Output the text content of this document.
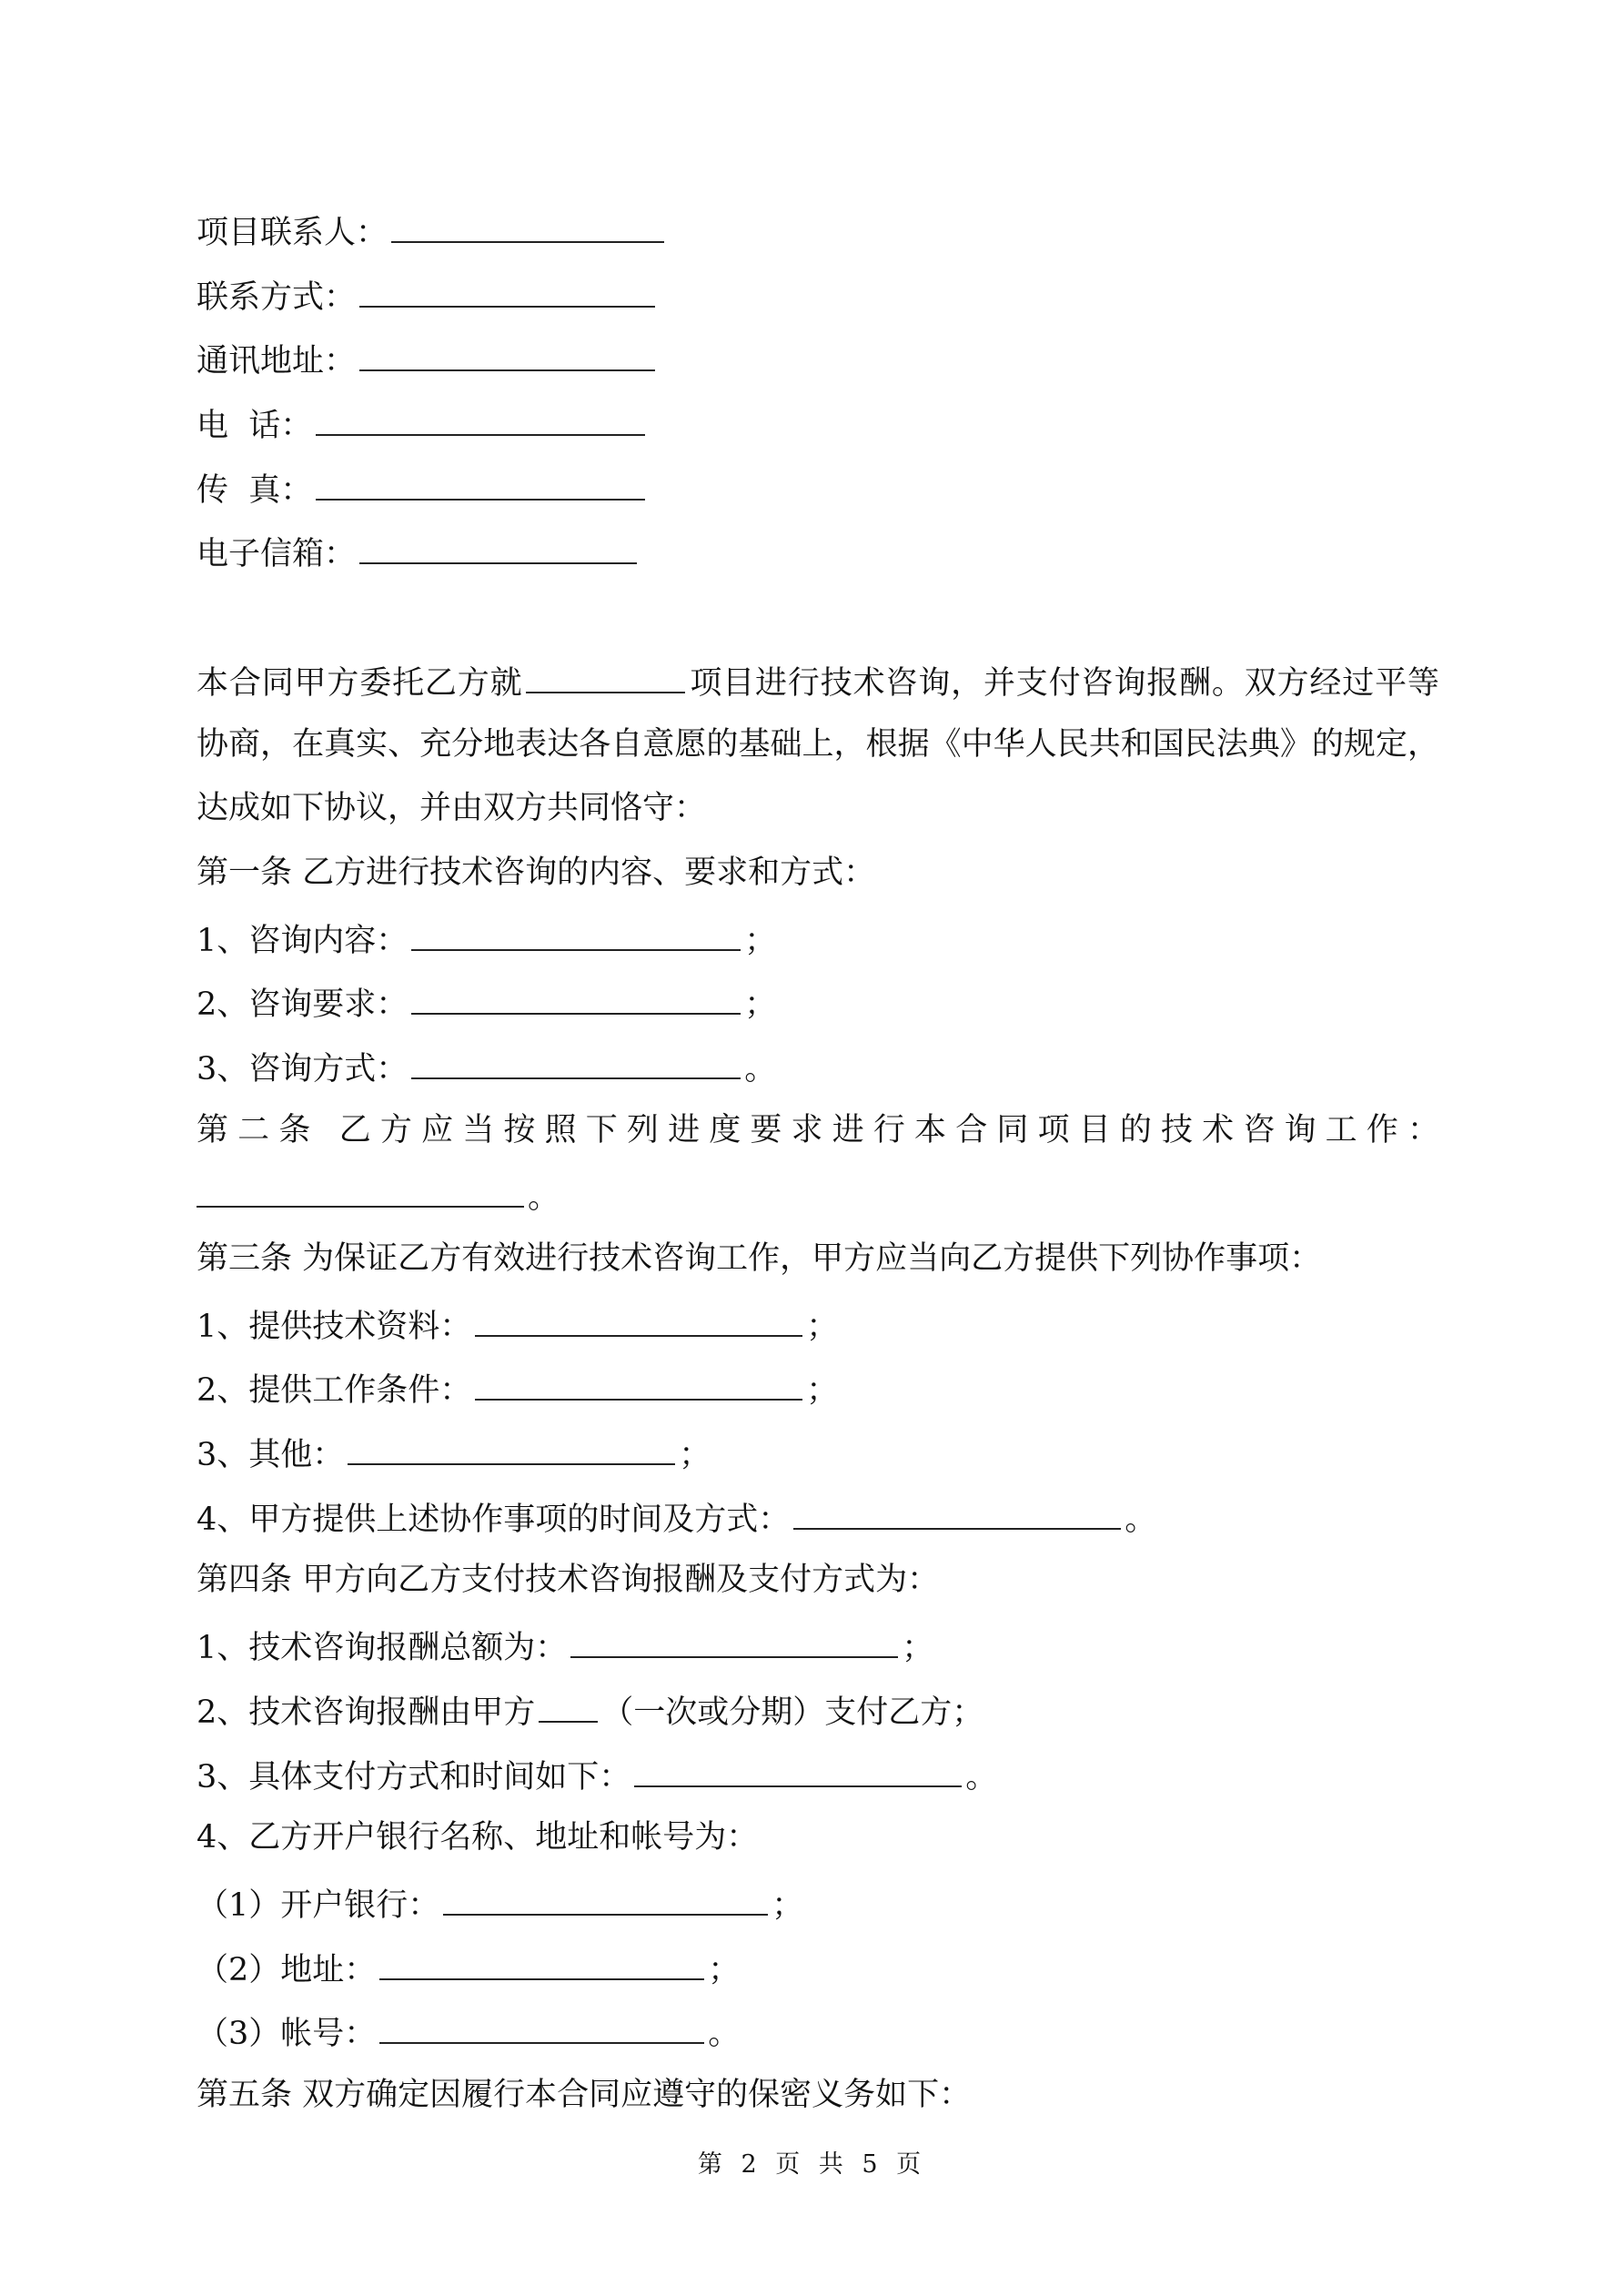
项目联系人：
联系方式：
通讯地址：
电  话：
传  真：
电子信箱：
本合同甲方委托乙方就	项目进行技术咨询，并支付咨询报酬。双方经过平等
协商，在真实、充分地表达各自意愿的基础上，根据《中华人民共和国民法典》的规定，
达成如下协议，并由双方共同恪守：
第一条 乙方进行技术咨询的内容、要求和方式：
1、咨询内容：	；
2、咨询要求：	；
3、咨询方式：	。
第二条 乙方应当按照下列进度要求进行本合同项目的技术咨询工作：
。
第三条 为保证乙方有效进行技术咨询工作，甲方应当向乙方提供下列协作事项：
1、提供技术资料：	；
2、提供工作条件：	；
3、其他：	；
4、甲方提供上述协作事项的时间及方式：	。
第四条 甲方向乙方支付技术咨询报酬及支付方式为：
1、技术咨询报酬总额为：	；
2、技术咨询报酬由甲方 （一次或分期）支付乙方；
3、具体支付方式和时间如下：	。
4、乙方开户银行名称、地址和帐号为：
（1）开户银行：	；
（2）地址：	；
（3）帐号：	。
第五条 双方确定因履行本合同应遵守的保密义务如下：
第 2 页 共 5 页
